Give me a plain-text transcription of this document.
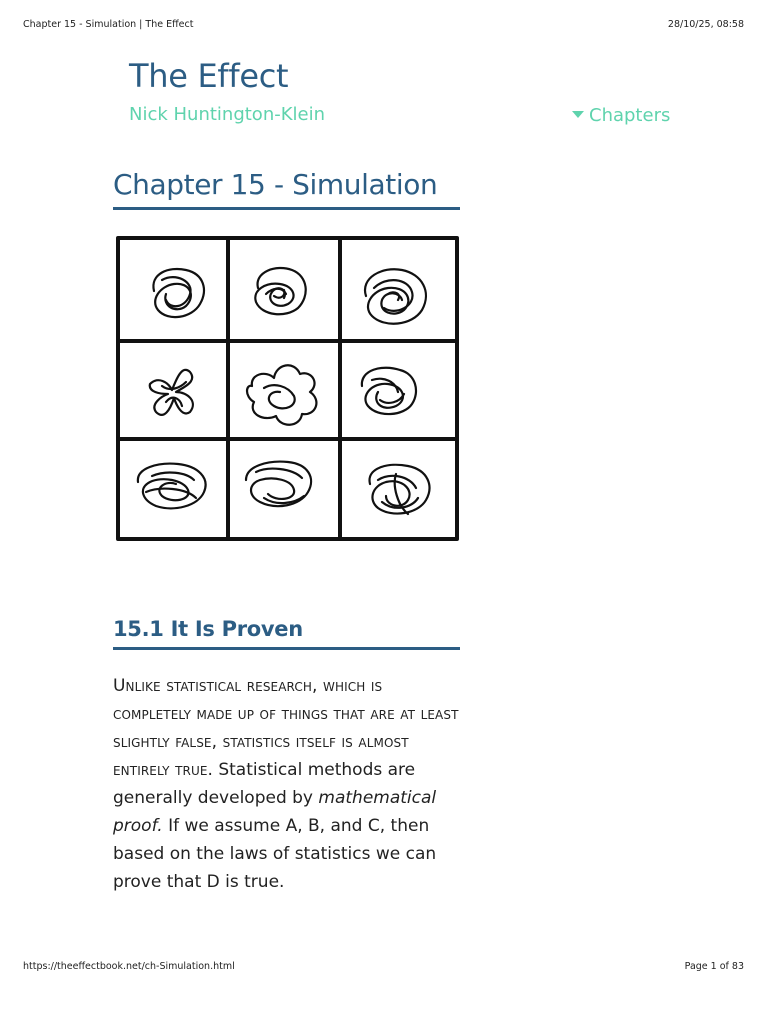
Chapter 15 - Simulation | The Effect	28/10/25, 08:58
The Effect
Nick Huntington-Klein	Chapters
Chapter 15 - Simulation
15.1 It Is Proven

Unlike statistical research, which is completely made up of things that are at least slightly false, statistics itself is almost entirely true. Statistical methods are generally developed by mathematical proof. If we assume A, B, and C, then based on the laws of statistics we can prove that D is true.

https://theeffectbook.net/ch-Simulation.html	Page 1 of 83
